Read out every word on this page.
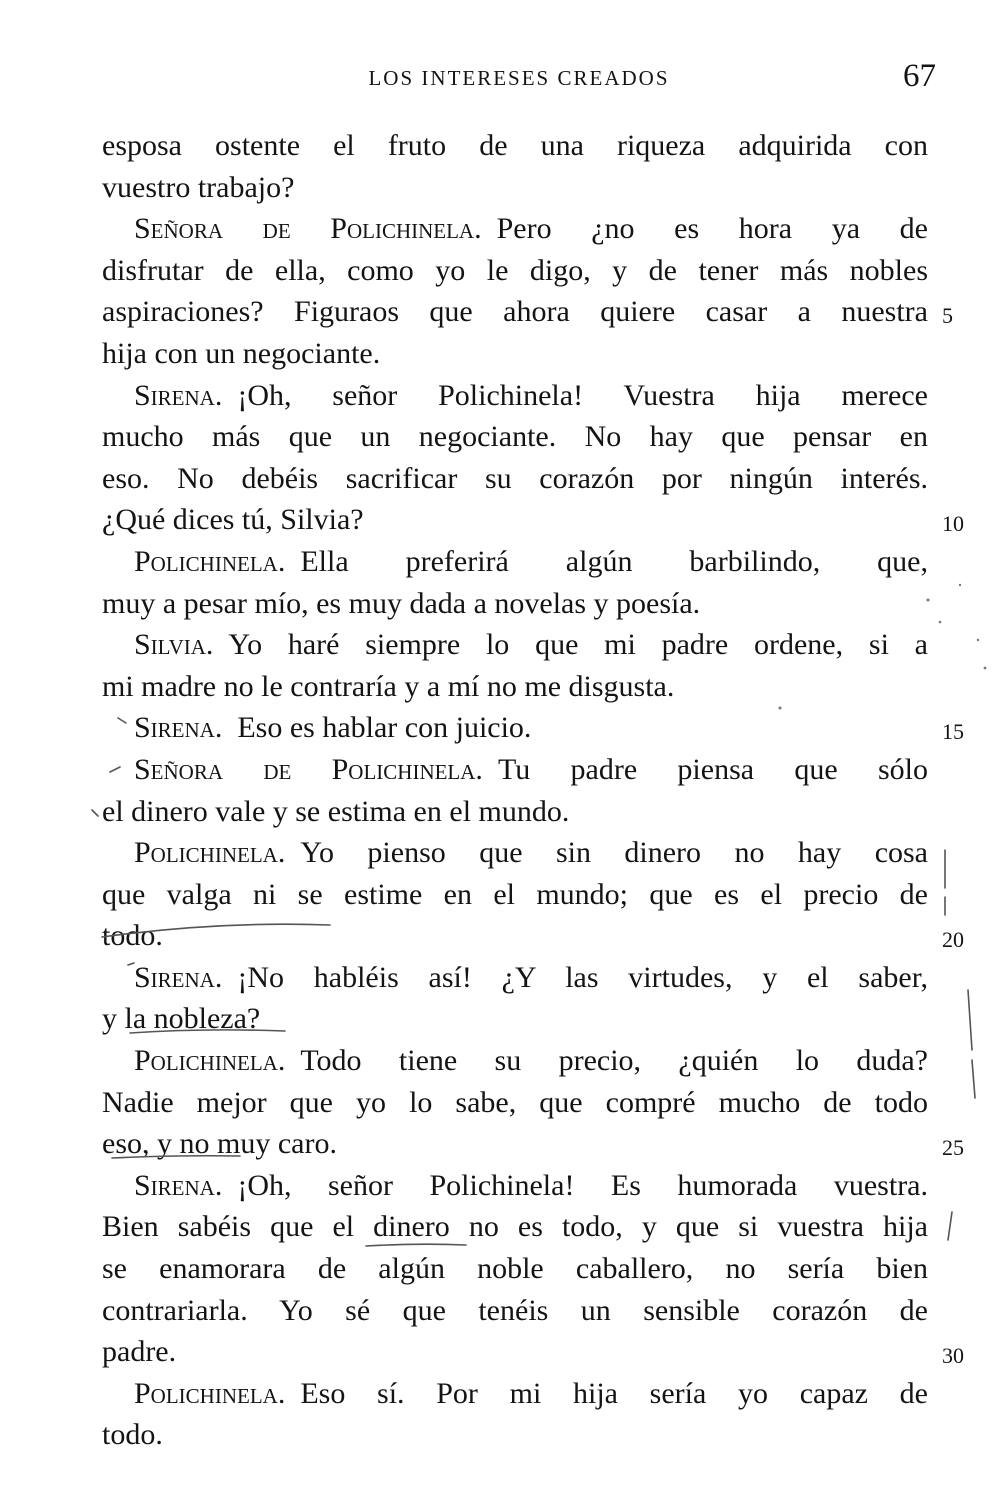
LOS INTERESES CREADOS	67
esposa ostente el fruto de una riqueza adquirida con
vuestro trabajo?
Señora de Polichinela.  Pero ¿no es hora ya de
disfrutar de ella, como yo le digo, y de tener más nobles
aspiraciones? Figuraos que ahora quiere casar a nuestra 5
hija con un negociante.
Sirena.  ¡Oh, señor Polichinela! Vuestra hija merece
mucho más que un negociante. No hay que pensar en
eso. No debéis sacrificar su corazón por ningún interés.
¿Qué dices tú, Silvia?	10
Polichinela.  Ella preferirá algún barbilindo, que,
muy a pesar mío, es muy dada a novelas y poesía.
Silvia.  Yo haré siempre lo que mi padre ordene, si a
mi madre no le contraría y a mí no me disgusta.
Sirena.  Eso es hablar con juicio.	15
Señora de Polichinela.  Tu padre piensa que sólo
el dinero vale y se estima en el mundo.
Polichinela.  Yo pienso que sin dinero no hay cosa
que valga ni se estime en el mundo; que es el precio de
todo.	20
Sirena.  ¡No habléis así! ¿Y las virtudes, y el saber,
y la nobleza?
Polichinela.  Todo tiene su precio, ¿quién lo duda?
Nadie mejor que yo lo sabe, que compré mucho de todo
eso, y no muy caro.	25
Sirena.  ¡Oh, señor Polichinela! Es humorada vuestra.
Bien sabéis que el dinero no es todo, y que si vuestra hija
se enamorara de algún noble caballero, no sería bien
contrariarla. Yo sé que tenéis un sensible corazón de
padre.	30
Polichinela.  Eso sí. Por mi hija sería yo capaz de
todo.
